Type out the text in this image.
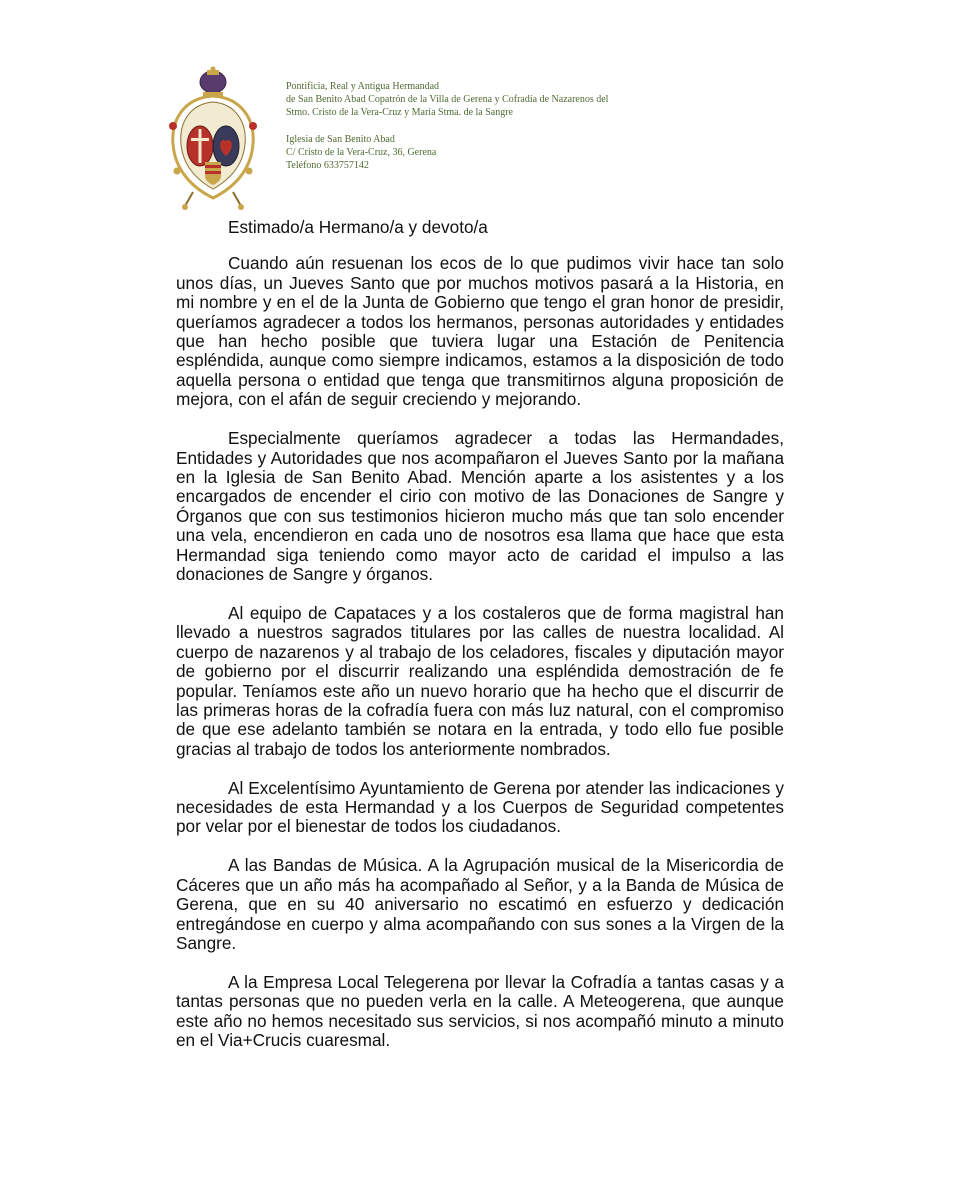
Pontificia, Real y Antigua Hermandad
de San Benito Abad Copatrón de la Villa de Gerena y Cofradía de Nazarenos del
Stmo. Cristo de la Vera-Cruz y María Stma. de la Sangre
Iglesia de San Benito Abad
C/ Cristo de la Vera-Cruz, 36, Gerena
Teléfono 633757142

Estimado/a Hermano/a y devoto/a

Cuando aún resuenan los ecos de lo que pudimos vivir hace tan solo unos días, un Jueves Santo que por muchos motivos pasará a la Historia, en mi nombre y en el de la Junta de Gobierno que tengo el gran honor de presidir, queríamos agradecer a todos los hermanos, personas autoridades y entidades que han hecho posible que tuviera lugar una Estación de Penitencia espléndida, aunque como siempre indicamos, estamos a la disposición de todo aquella persona o entidad que tenga que transmitirnos alguna proposición de mejora, con el afán de seguir creciendo y mejorando.

Especialmente queríamos agradecer a todas las Hermandades, Entidades y Autoridades que nos acompañaron el Jueves Santo por la mañana en la Iglesia de San Benito Abad. Mención aparte a los asistentes y a los encargados de encender el cirio con motivo de las Donaciones de Sangre y Órganos que con sus testimonios hicieron mucho más que tan solo encender una vela, encendieron en cada uno de nosotros esa llama que hace que esta Hermandad siga teniendo como mayor acto de caridad el impulso a las donaciones de Sangre y órganos.

Al equipo de Capataces y a los costaleros que de forma magistral han llevado a nuestros sagrados titulares por las calles de nuestra localidad. Al cuerpo de nazarenos y al trabajo de los celadores, fiscales y diputación mayor de gobierno por el discurrir realizando una espléndida demostración de fe popular. Teníamos este año un nuevo horario que ha hecho que el discurrir de las primeras horas de la cofradía fuera con más luz natural, con el compromiso de que ese adelanto también se notara en la entrada, y todo ello fue posible gracias al trabajo de todos los anteriormente nombrados.

Al Excelentísimo Ayuntamiento de Gerena por atender las indicaciones y necesidades de esta Hermandad y a los Cuerpos de Seguridad competentes por velar por el bienestar de todos los ciudadanos.

A las Bandas de Música. A la Agrupación musical de la Misericordia de Cáceres que un año más ha acompañado al Señor, y a la Banda de Música de Gerena, que en su 40 aniversario no escatimó en esfuerzo y dedicación entregándose en cuerpo y alma acompañando con sus sones a la Virgen de la Sangre.

A la Empresa Local Telegerena por llevar la Cofradía a tantas casas y a tantas personas que no pueden verla en la calle. A Meteogerena, que aunque este año no hemos necesitado sus servicios, si nos acompañó minuto a minuto en el Via+Crucis cuaresmal.
